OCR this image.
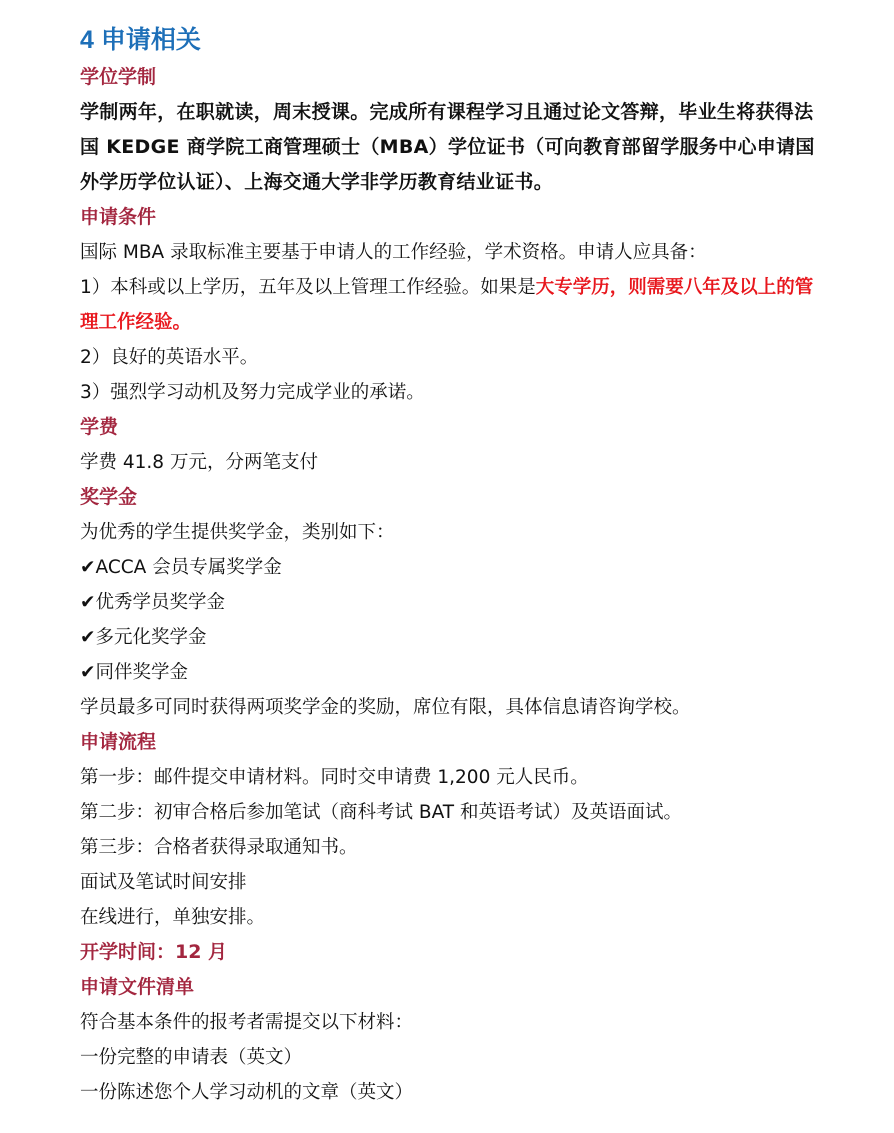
4 申请相关
学位学制

学制两年，在职就读，周末授课。完成所有课程学习且通过论文答辩，毕业生将获得法国 KEDGE 商学院工商管理硕士（MBA）学位证书（可向教育部留学服务中心申请国外学历学位认证）、上海交通大学非学历教育结业证书。

申请条件

国际 MBA 录取标准主要基于申请人的工作经验，学术资格。申请人应具备：

1）本科或以上学历，五年及以上管理工作经验。如果是大专学历，则需要八年及以上的管理工作经验。

2）良好的英语水平。

3）强烈学习动机及努力完成学业的承诺。

学费

学费 41.8 万元，分两笔支付

奖学金

为优秀的学生提供奖学金，类别如下：

✔ACCA 会员专属奖学金

✔优秀学员奖学金

✔多元化奖学金

✔同伴奖学金

学员最多可同时获得两项奖学金的奖励，席位有限，具体信息请咨询学校。

申请流程

第一步：邮件提交申请材料。同时交申请费 1,200 元人民币。

第二步：初审合格后参加笔试（商科考试 BAT 和英语考试）及英语面试。

第三步：合格者获得录取通知书。

面试及笔试时间安排

在线进行，单独安排。

开学时间：12 月
申请文件清单

符合基本条件的报考者需提交以下材料：

一份完整的申请表（英文）

一份陈述您个人学习动机的文章（英文）
